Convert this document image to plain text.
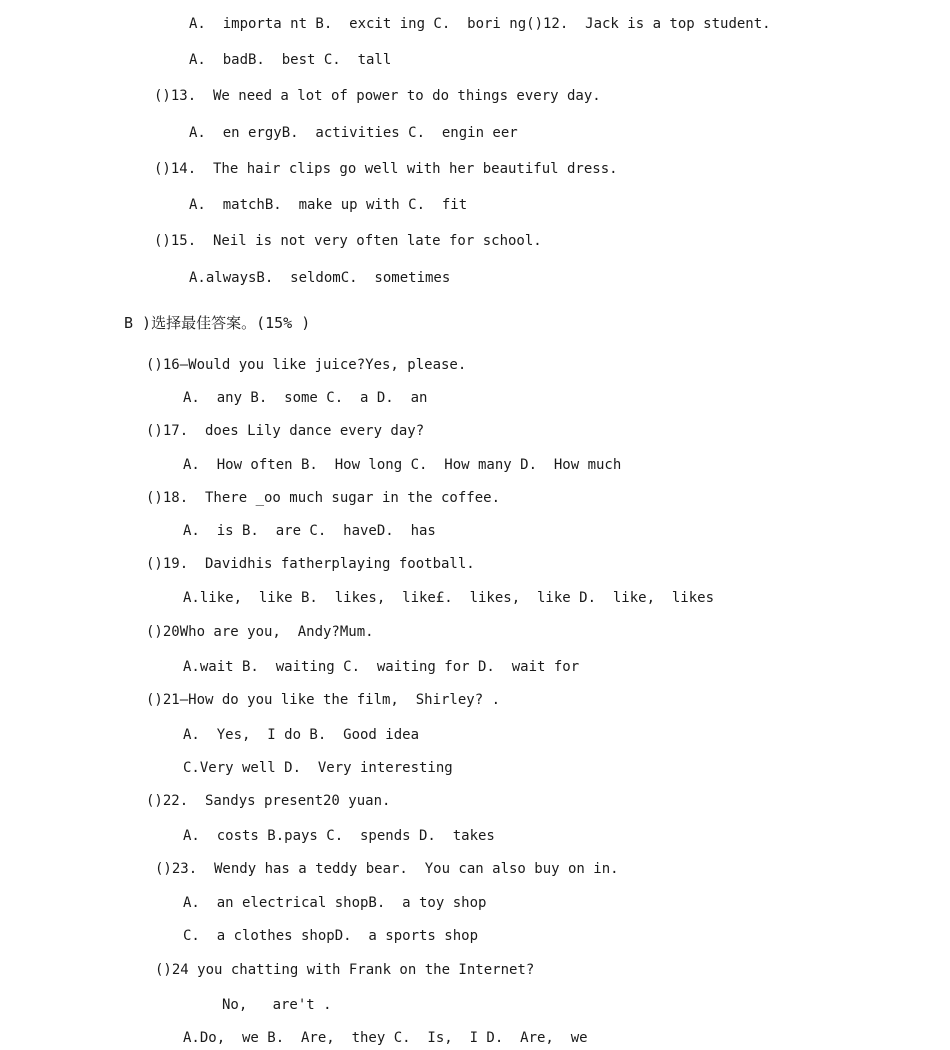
A.  importa nt B.  excit ing C.  bori ng()12.  Jack is a top student.
A.  badB.  best C.  tall
()13.  We need a lot of power to do things every day.
A.  en ergyB.  activities C.  engin eer
()14.  The hair clips go well with her beautiful dress.
A.  matchB.  make up with C.  fit
()15.  Neil is not very often late for school.
A.alwaysB.  seldomC.  sometimes
B )选择最佳答案。(15% )
()16—Would you like juice?Yes, please.
A.  any B.  some C.  a D.  an
()17.  does Lily dance every day?
A.  How often B.  How long C.  How many D.  How much
()18.  There _oo much sugar in the coffee.
A.  is B.  are C.  haveD.  has
()19.  Davidhis fatherplaying football.
A.like,  like B.  likes,  like£.  likes,  like D.  like,  likes
()20Who are you,  Andy?Mum.
A.wait B.  waiting C.  waiting for D.  wait for
()21—How do you like the film,  Shirley? .
A.  Yes,  I do B.  Good idea
C.Very well D.  Very interesting
()22.  Sandys present20 yuan.
A.  costs B.pays C.  spends D.  takes
()23.  Wendy has a teddy bear.  You can also buy on in.
A.  an electrical shopB.  a toy shop
C.  a clothes shopD.  a sports shop
()24 you chatting with Frank on the Internet?
No,   are't .
A.Do,  we B.  Are,  they C.  Is,  I D.  Are,  we
